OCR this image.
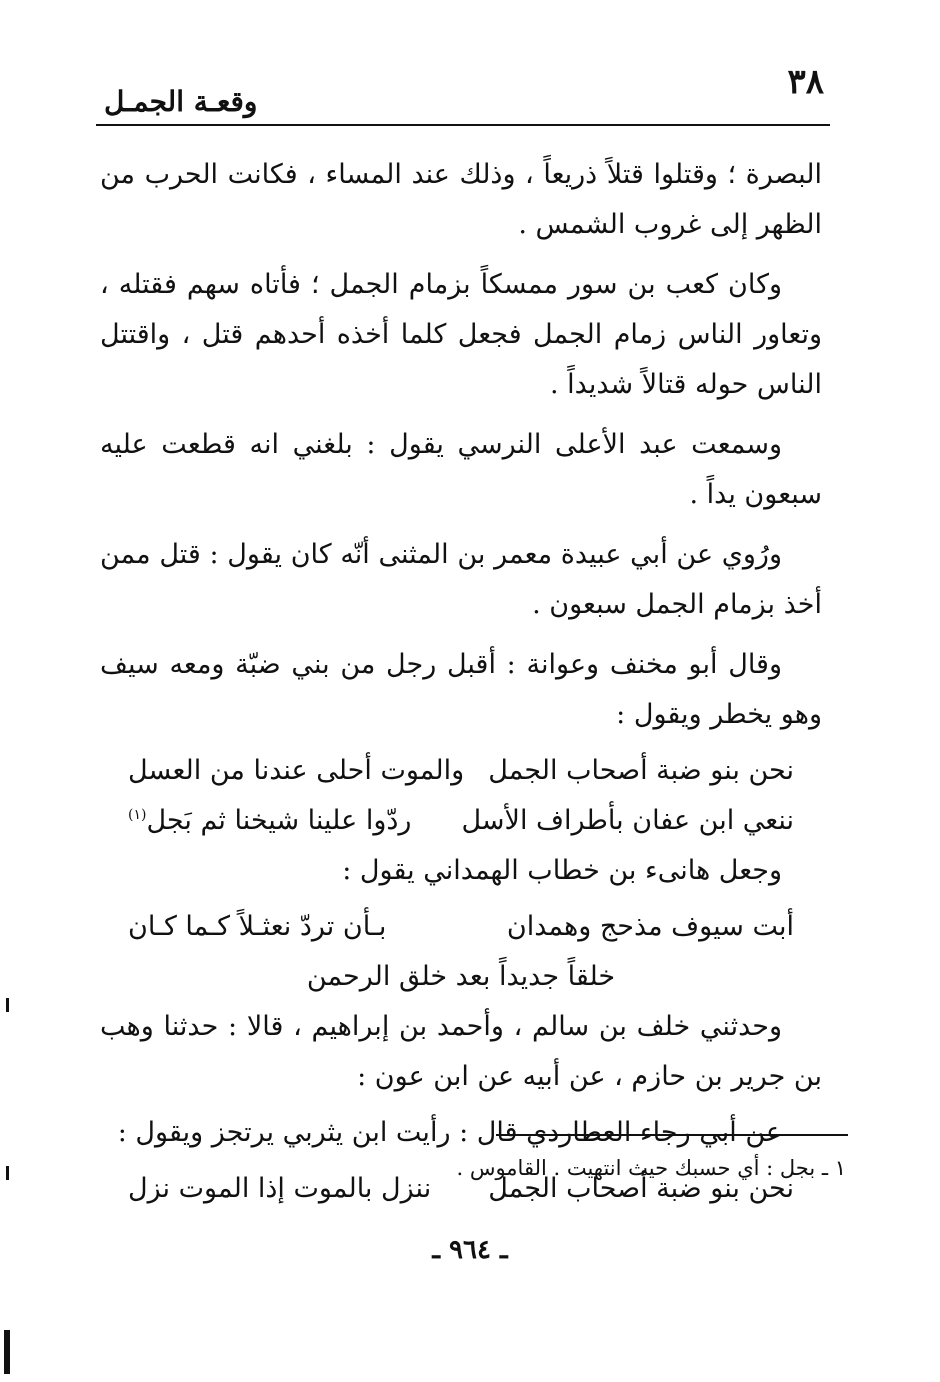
٣٨
وقعـة الجمـل

البصرة ؛ وقتلوا قتلاً ذريعاً ، وذلك عند المساء ، فكانت الحرب من الظهر إلى غروب الشمس .

وكان كعب بن سور ممسكاً بزمام الجمل ؛ فأتاه سهم فقتله ، وتعاور الناس زمام الجمل فجعل كلما أخذه أحدهم قتل ، واقتتل الناس حوله قتالاً شديداً .

وسمعت عبد الأعلى النرسي يقول : بلغني انه قطعت عليه سبعون يداً .

ورُوي عن أبي عبيدة معمر بن المثنى أنّه كان يقول : قتل ممن أخذ بزمام الجمل سبعون .

وقال أبو مخنف وعوانة : أقبل رجل من بني ضبّة ومعه سيف وهو يخطر ويقول :

نحن بنو ضبة أصحاب الجمل
والموت أحلى عندنا من العسل
ننعي ابن عفان بأطراف الأسل
ردّوا علينا شيخنا ثم بَجل$^{(١)}$

وجعل هانىء بن خطاب الهمداني يقول :

أبت سيوف مذحج وهمدان
بـأن تردّ نعثـلاً كـما كـان
خلقاً جديداً بعد خلق الرحمن

وحدثني خلف بن سالم ، وأحمد بن إبراهيم ، قالا : حدثنا وهب بن جرير بن حازم ، عن أبيه عن ابن عون :

عن أبي رجاء العطاردي قال : رأيت ابن يثربي يرتجز ويقول :

نحن بنو ضبة أصحاب الجمل
ننزل بالموت إذا الموت نزل
١ ـ بجل : أي حسبك حيث انتهيت . القاموس .
ـ ٩٦٤ ـ
